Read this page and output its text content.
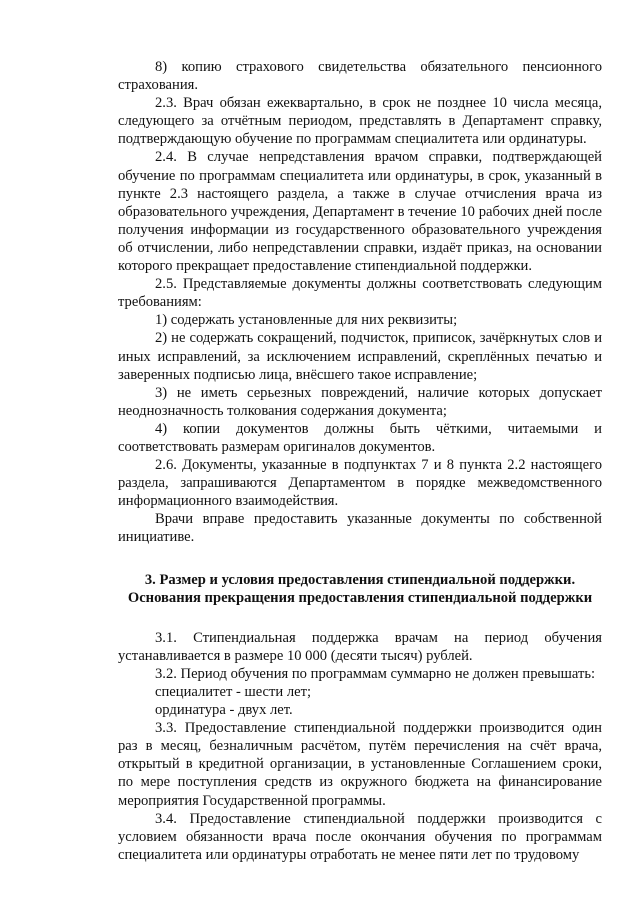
8) копию страхового свидетельства обязательного пенсионного страхования.

2.3. Врач обязан ежеквартально, в срок не позднее 10 числа месяца, следующего за отчётным периодом, представлять в Департамент справку, подтверждающую обучение по программам специалитета или ординатуры.

2.4. В случае непредставления врачом справки, подтверждающей обучение по программам специалитета или ординатуры, в срок, указанный в пункте 2.3 настоящего раздела, а также в случае отчисления врача из образовательного учреждения, Департамент в течение 10 рабочих дней после получения информации из государственного образовательного учреждения об отчислении, либо непредставлении справки, издаёт приказ, на основании которого прекращает предоставление стипендиальной поддержки.

2.5. Представляемые документы должны соответствовать следующим требованиям:

1) содержать установленные для них реквизиты;

2) не содержать сокращений, подчисток, приписок, зачёркнутых слов и иных исправлений, за исключением исправлений, скреплённых печатью и заверенных подписью лица, внёсшего такое исправление;

3) не иметь серьезных повреждений, наличие которых допускает неоднозначность толкования содержания документа;

4) копии документов должны быть чёткими, читаемыми и соответствовать размерам оригиналов документов.

2.6. Документы, указанные в подпунктах 7 и 8 пункта 2.2 настоящего раздела, запрашиваются Департаментом в порядке межведомственного информационного взаимодействия.

Врачи вправе предоставить указанные документы по собственной инициативе.

3. Размер и условия предоставления стипендиальной поддержки.
Основания прекращения предоставления стипендиальной поддержки

3.1. Стипендиальная поддержка врачам на период обучения устанавливается в размере 10 000 (десяти тысяч) рублей.

3.2. Период обучения по программам суммарно не должен превышать:

специалитет - шести лет;

ординатура - двух лет.

3.3. Предоставление стипендиальной поддержки производится один раз в месяц, безналичным расчётом, путём перечисления на счёт врача, открытый в кредитной организации, в установленные Соглашением сроки, по мере поступления средств из окружного бюджета на финансирование мероприятия Государственной программы.

3.4. Предоставление стипендиальной поддержки производится с условием обязанности врача после окончания обучения по программам специалитета или ординатуры отработать не менее пяти лет по трудовому
